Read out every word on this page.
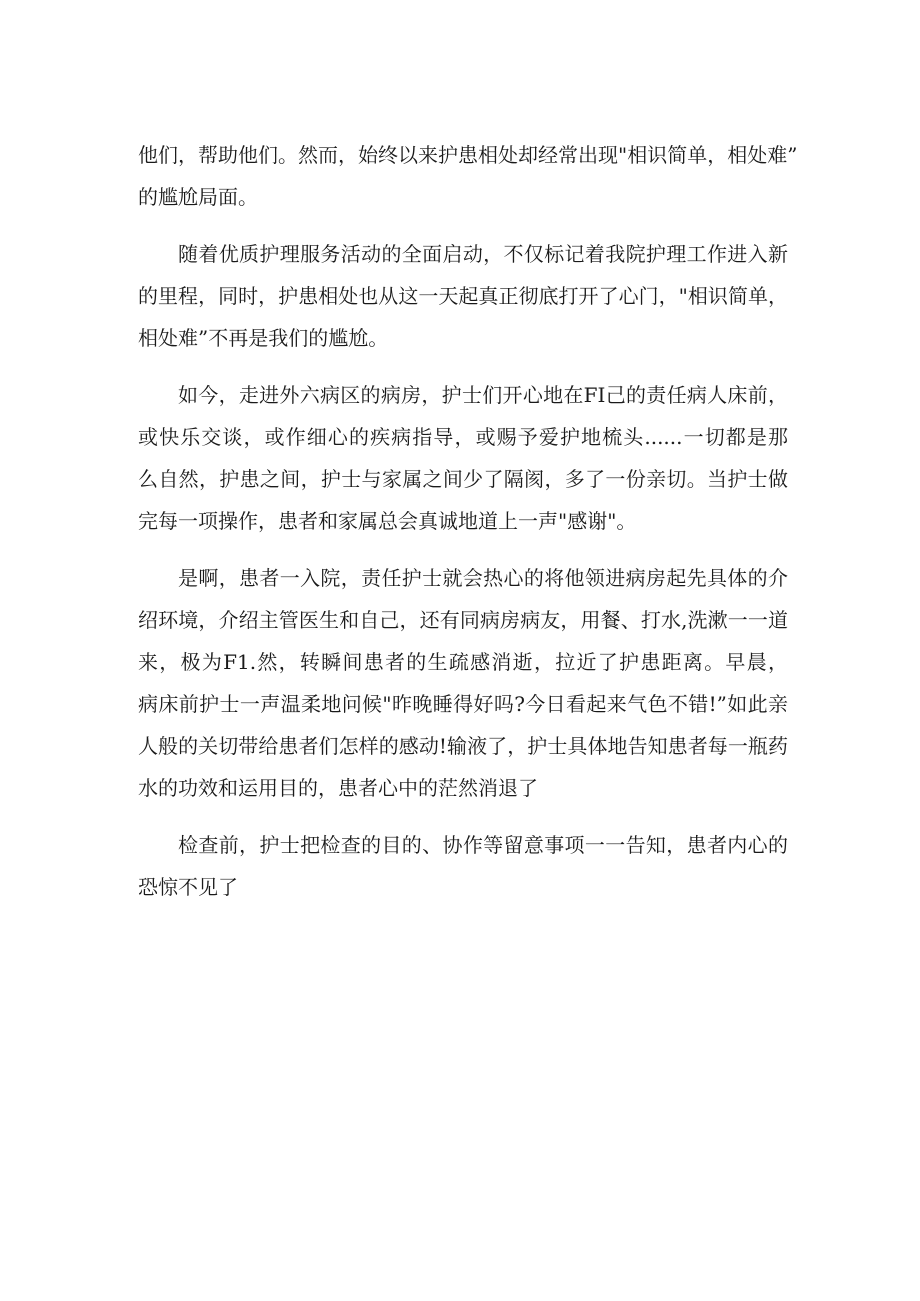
他们，帮助他们。然而，始终以来护患相处却经常出现"相识简单，相处难”
的尴尬局面。

随着优质护理服务活动的全面启动，不仅标记着我院护理工作进入新
的里程，同时，护患相处也从这一天起真正彻底打开了心门，"相识简单，
相处难”不再是我们的尴尬。

如今，走进外六病区的病房，护士们开心地在FI己的责任病人床前，
或快乐交谈，或作细心的疾病指导，或赐予爱护地梳头......一切都是那
么自然，护患之间，护士与家属之间少了隔阂，多了一份亲切。当护士做
完每一项操作，患者和家属总会真诚地道上一声"感谢"。

是啊，患者一入院，责任护士就会热心的将他领进病房起先具体的介
绍环境，介绍主管医生和自己，还有同病房病友，用餐、打水,洗漱一一道
来，极为F1.然，转瞬间患者的生疏感消逝，拉近了护患距离。早晨，
病床前护士一声温柔地问候"昨晚睡得好吗?今日看起来气色不错!”如此亲
人般的关切带给患者们怎样的感动!输液了，护士具体地告知患者每一瓶药
水的功效和运用目的，患者心中的茫然消退了

检查前，护士把检查的目的、协作等留意事项一一告知，患者内心的
恐惊不见了
